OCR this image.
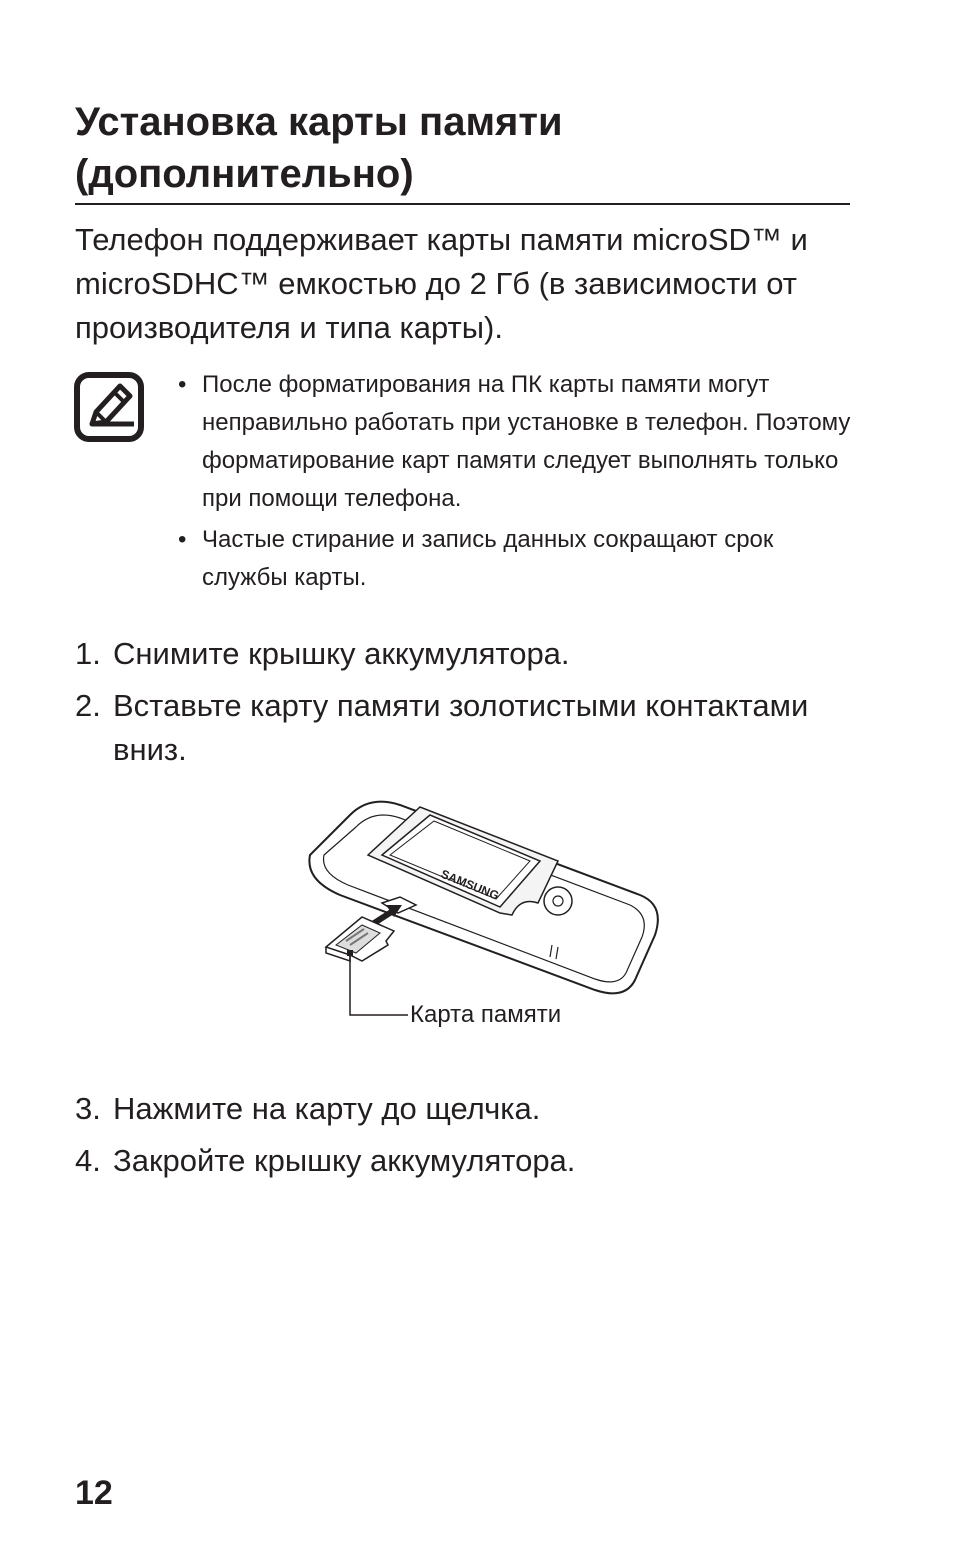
Установка карты памяти (дополнительно)

Телефон поддерживает карты памяти microSD™ и microSDHC™ емкостью до 2 Гб (в зависимости от производителя и типа карты).

• После форматирования на ПК карты памяти могут неправильно работать при установке в телефон. Поэтому форматирование карт памяти следует выполнять только при помощи телефона.
• Частые стирание и запись данных сокращают срок службы карты.
1. Снимите крышку аккумулятора.
2. Вставьте карту памяти золотистыми контактами вниз.
SAMSUNG
Карта памяти
3. Нажмите на карту до щелчка.
4. Закройте крышку аккумулятора.
12
